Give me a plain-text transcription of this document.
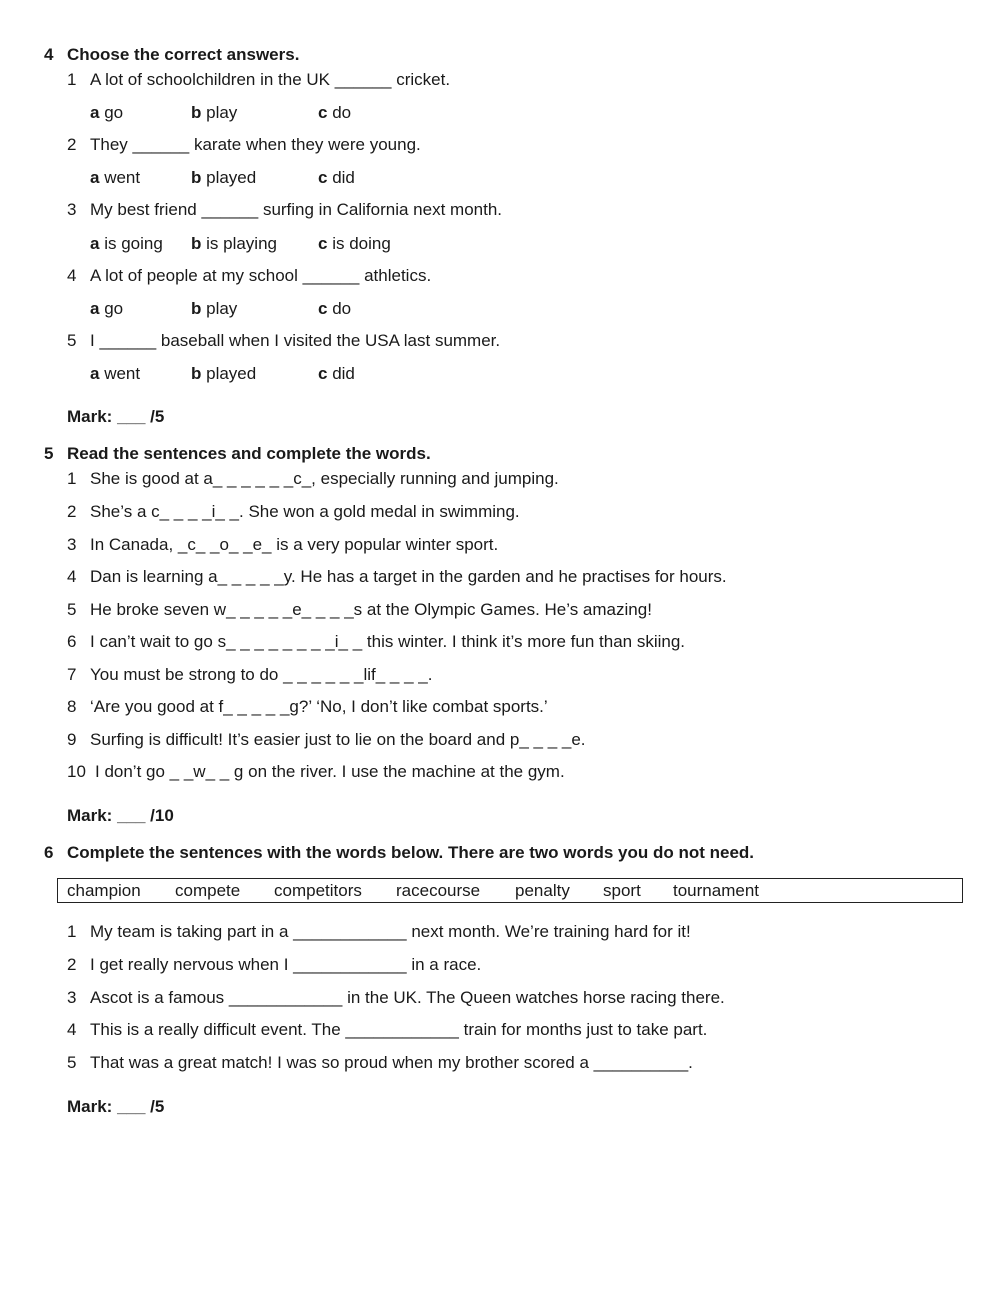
4 Choose the correct answers.
1 A lot of schoolchildren in the UK ______ cricket.
a go	b play	c do
2 They ______ karate when they were young.
a went	b played	c did
3 My best friend ______ surfing in California next month.
a is going b is playing c is doing
4 A lot of people at my school ______ athletics.
a go	b play	c do
5 I ______ baseball when I visited the USA last summer.
a went	b played	c did
Mark: ___ /5
5 Read the sentences and complete the words.
1 She is good at a_ _ _ _ _ _c_, especially running and jumping.
2 She’s a c_ _ _ _i_ _. She won a gold medal in swimming.
3 In Canada, _c_ _o_ _e_ is a very popular winter sport.
4 Dan is learning a_ _ _ _ _y. He has a target in the garden and he practises for hours.
5 He broke seven w_ _ _ _ _e_ _ _ _s at the Olympic Games. He’s amazing!
6 I can’t wait to go s_ _ _ _ _ _ _ _i_ _ this winter. I think it’s more fun than skiing.
7 You must be strong to do _ _ _ _ _ _lif_ _ _ _.
8 ‘Are you good at f_ _ _ _ _g?’ ‘No, I don’t like combat sports.’
9 Surfing is difficult! It’s easier just to lie on the board and p_ _ _ _e.
10 I don’t go _ _w_ _ g on the river. I use the machine at the gym.
Mark: ___ /10
6 Complete the sentences with the words below. There are two words you do not need.
champion compete competitors racecourse penalty sport tournament
1 My team is taking part in a ____________ next month. We’re training hard for it!
2 I get really nervous when I ____________ in a race.
3 Ascot is a famous ____________ in the UK. The Queen watches horse racing there.
4 This is a really difficult event. The ____________ train for months just to take part.
5 That was a great match! I was so proud when my brother scored a __________.
Mark: ___ /5
